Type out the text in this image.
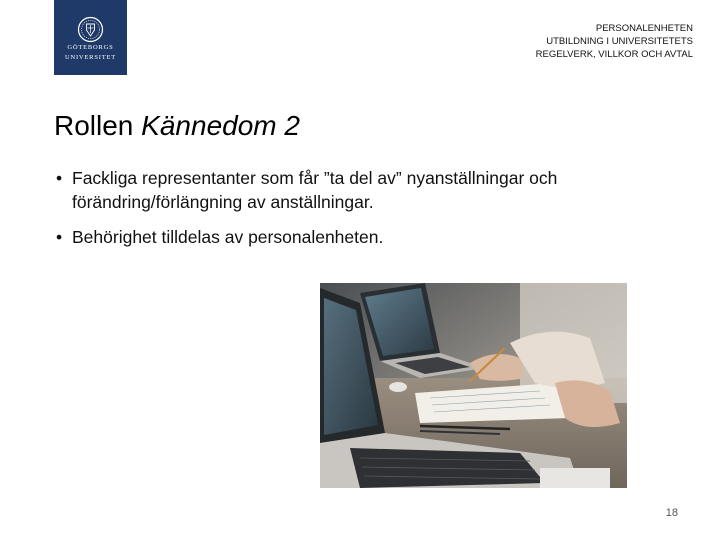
GÖTEBORGS
UNIVERSITET
PERSONALENHETEN
UTBILDNING I UNIVERSITETETS
REGELVERK, VILLKOR OCH AVTAL
Rollen Kännedom 2
• Fackliga representanter som får ”ta del av” nyanställningar och förändring/förlängning av anställningar.
• Behörighet tilldelas av personalenheten.
18
